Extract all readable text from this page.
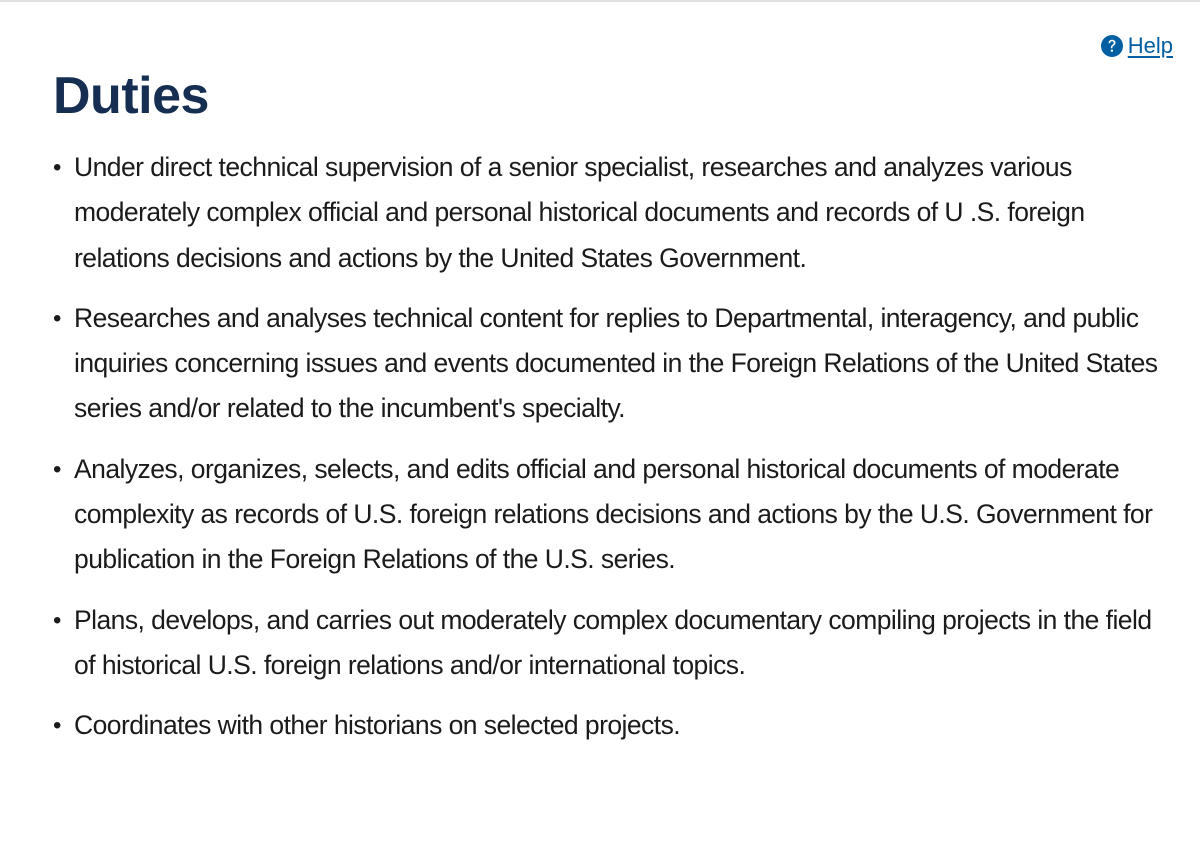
Help
Duties
• Under direct technical supervision of a senior specialist, researches and analyzes various moderately complex official and personal historical documents and records of U .S. foreign relations decisions and actions by the United States Government.
• Researches and analyses technical content for replies to Departmental, interagency, and public inquiries concerning issues and events documented in the Foreign Relations of the United States series and/or related to the incumbent's specialty.
• Analyzes, organizes, selects, and edits official and personal historical documents of moderate complexity as records of U.S. foreign relations decisions and actions by the U.S. Government for publication in the Foreign Relations of the U.S. series.
• Plans, develops, and carries out moderately complex documentary compiling projects in the field of historical U.S. foreign relations and/or international topics.
• Coordinates with other historians on selected projects.
